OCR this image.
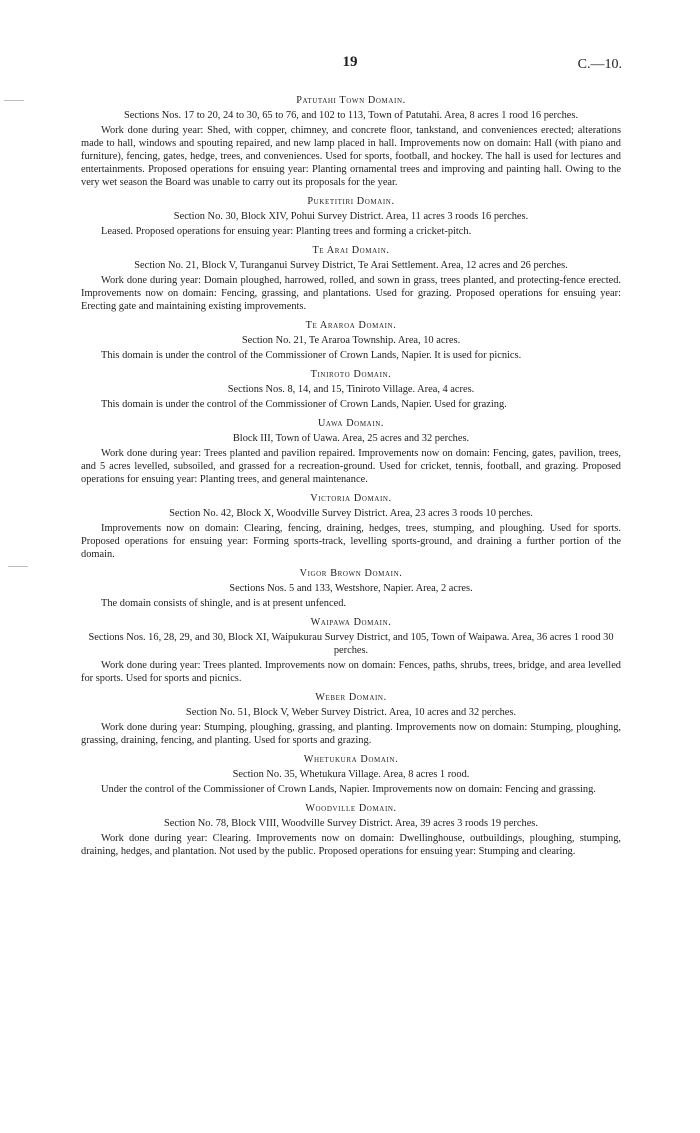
19	C.—10.
Patutahi Town Domain.
Sections Nos. 17 to 20, 24 to 30, 65 to 76, and 102 to 113, Town of Patutahi. Area, 8 acres 1 rood 16 perches.

Work done during year: Shed, with copper, chimney, and concrete floor, tankstand, and conveniences erected; alterations made to hall, windows and spouting repaired, and new lamp placed in hall. Improvements now on domain: Hall (with piano and furniture), fencing, gates, hedge, trees, and conveniences. Used for sports, football, and hockey. The hall is used for lectures and entertainments. Proposed operations for ensuing year: Planting ornamental trees and improving and painting hall. Owing to the very wet season the Board was unable to carry out its proposals for the year.

Puketitiri Domain.
Section No. 30, Block XIV, Pohui Survey District. Area, 11 acres 3 roods 16 perches.

Leased. Proposed operations for ensuing year: Planting trees and forming a cricket-pitch.

Te Arai Domain.
Section No. 21, Block V, Turanganui Survey District, Te Arai Settlement. Area, 12 acres and 26 perches.

Work done during year: Domain ploughed, harrowed, rolled, and sown in grass, trees planted, and protecting-fence erected. Improvements now on domain: Fencing, grassing, and plantations. Used for grazing. Proposed operations for ensuing year: Erecting gate and maintaining existing improvements.

Te Araroa Domain.
Section No. 21, Te Araroa Township. Area, 10 acres.

This domain is under the control of the Commissioner of Crown Lands, Napier. It is used for picnics.

Tiniroto Domain.
Sections Nos. 8, 14, and 15, Tiniroto Village. Area, 4 acres.

This domain is under the control of the Commissioner of Crown Lands, Napier. Used for grazing.

Uawa Domain.
Block III, Town of Uawa. Area, 25 acres and 32 perches.

Work done during year: Trees planted and pavilion repaired. Improvements now on domain: Fencing, gates, pavilion, trees, and 5 acres levelled, subsoiled, and grassed for a recreation-ground. Used for cricket, tennis, football, and grazing. Proposed operations for ensuing year: Planting trees, and general maintenance.

Victoria Domain.
Section No. 42, Block X, Woodville Survey District. Area, 23 acres 3 roods 10 perches.

Improvements now on domain: Clearing, fencing, draining, hedges, trees, stumping, and ploughing. Used for sports. Proposed operations for ensuing year: Forming sports-track, levelling sports-ground, and draining a further portion of the domain.

Vigor Brown Domain.
Sections Nos. 5 and 133, Westshore, Napier. Area, 2 acres.

The domain consists of shingle, and is at present unfenced.

Waipawa Domain.
Sections Nos. 16, 28, 29, and 30, Block XI, Waipukurau Survey District, and 105, Town of Waipawa. Area, 36 acres 1 rood 30 perches.

Work done during year: Trees planted. Improvements now on domain: Fences, paths, shrubs, trees, bridge, and area levelled for sports. Used for sports and picnics.

Weber Domain.
Section No. 51, Block V, Weber Survey District. Area, 10 acres and 32 perches.

Work done during year: Stumping, ploughing, grassing, and planting. Improvements now on domain: Stumping, ploughing, grassing, draining, fencing, and planting. Used for sports and grazing.

Whetukura Domain.
Section No. 35, Whetukura Village. Area, 8 acres 1 rood.

Under the control of the Commissioner of Crown Lands, Napier. Improvements now on domain: Fencing and grassing.

Woodville Domain.
Section No. 78, Block VIII, Woodville Survey District. Area, 39 acres 3 roods 19 perches.

Work done during year: Clearing. Improvements now on domain: Dwellinghouse, outbuildings, ploughing, stumping, draining, hedges, and plantation. Not used by the public. Proposed operations for ensuing year: Stumping and clearing.
